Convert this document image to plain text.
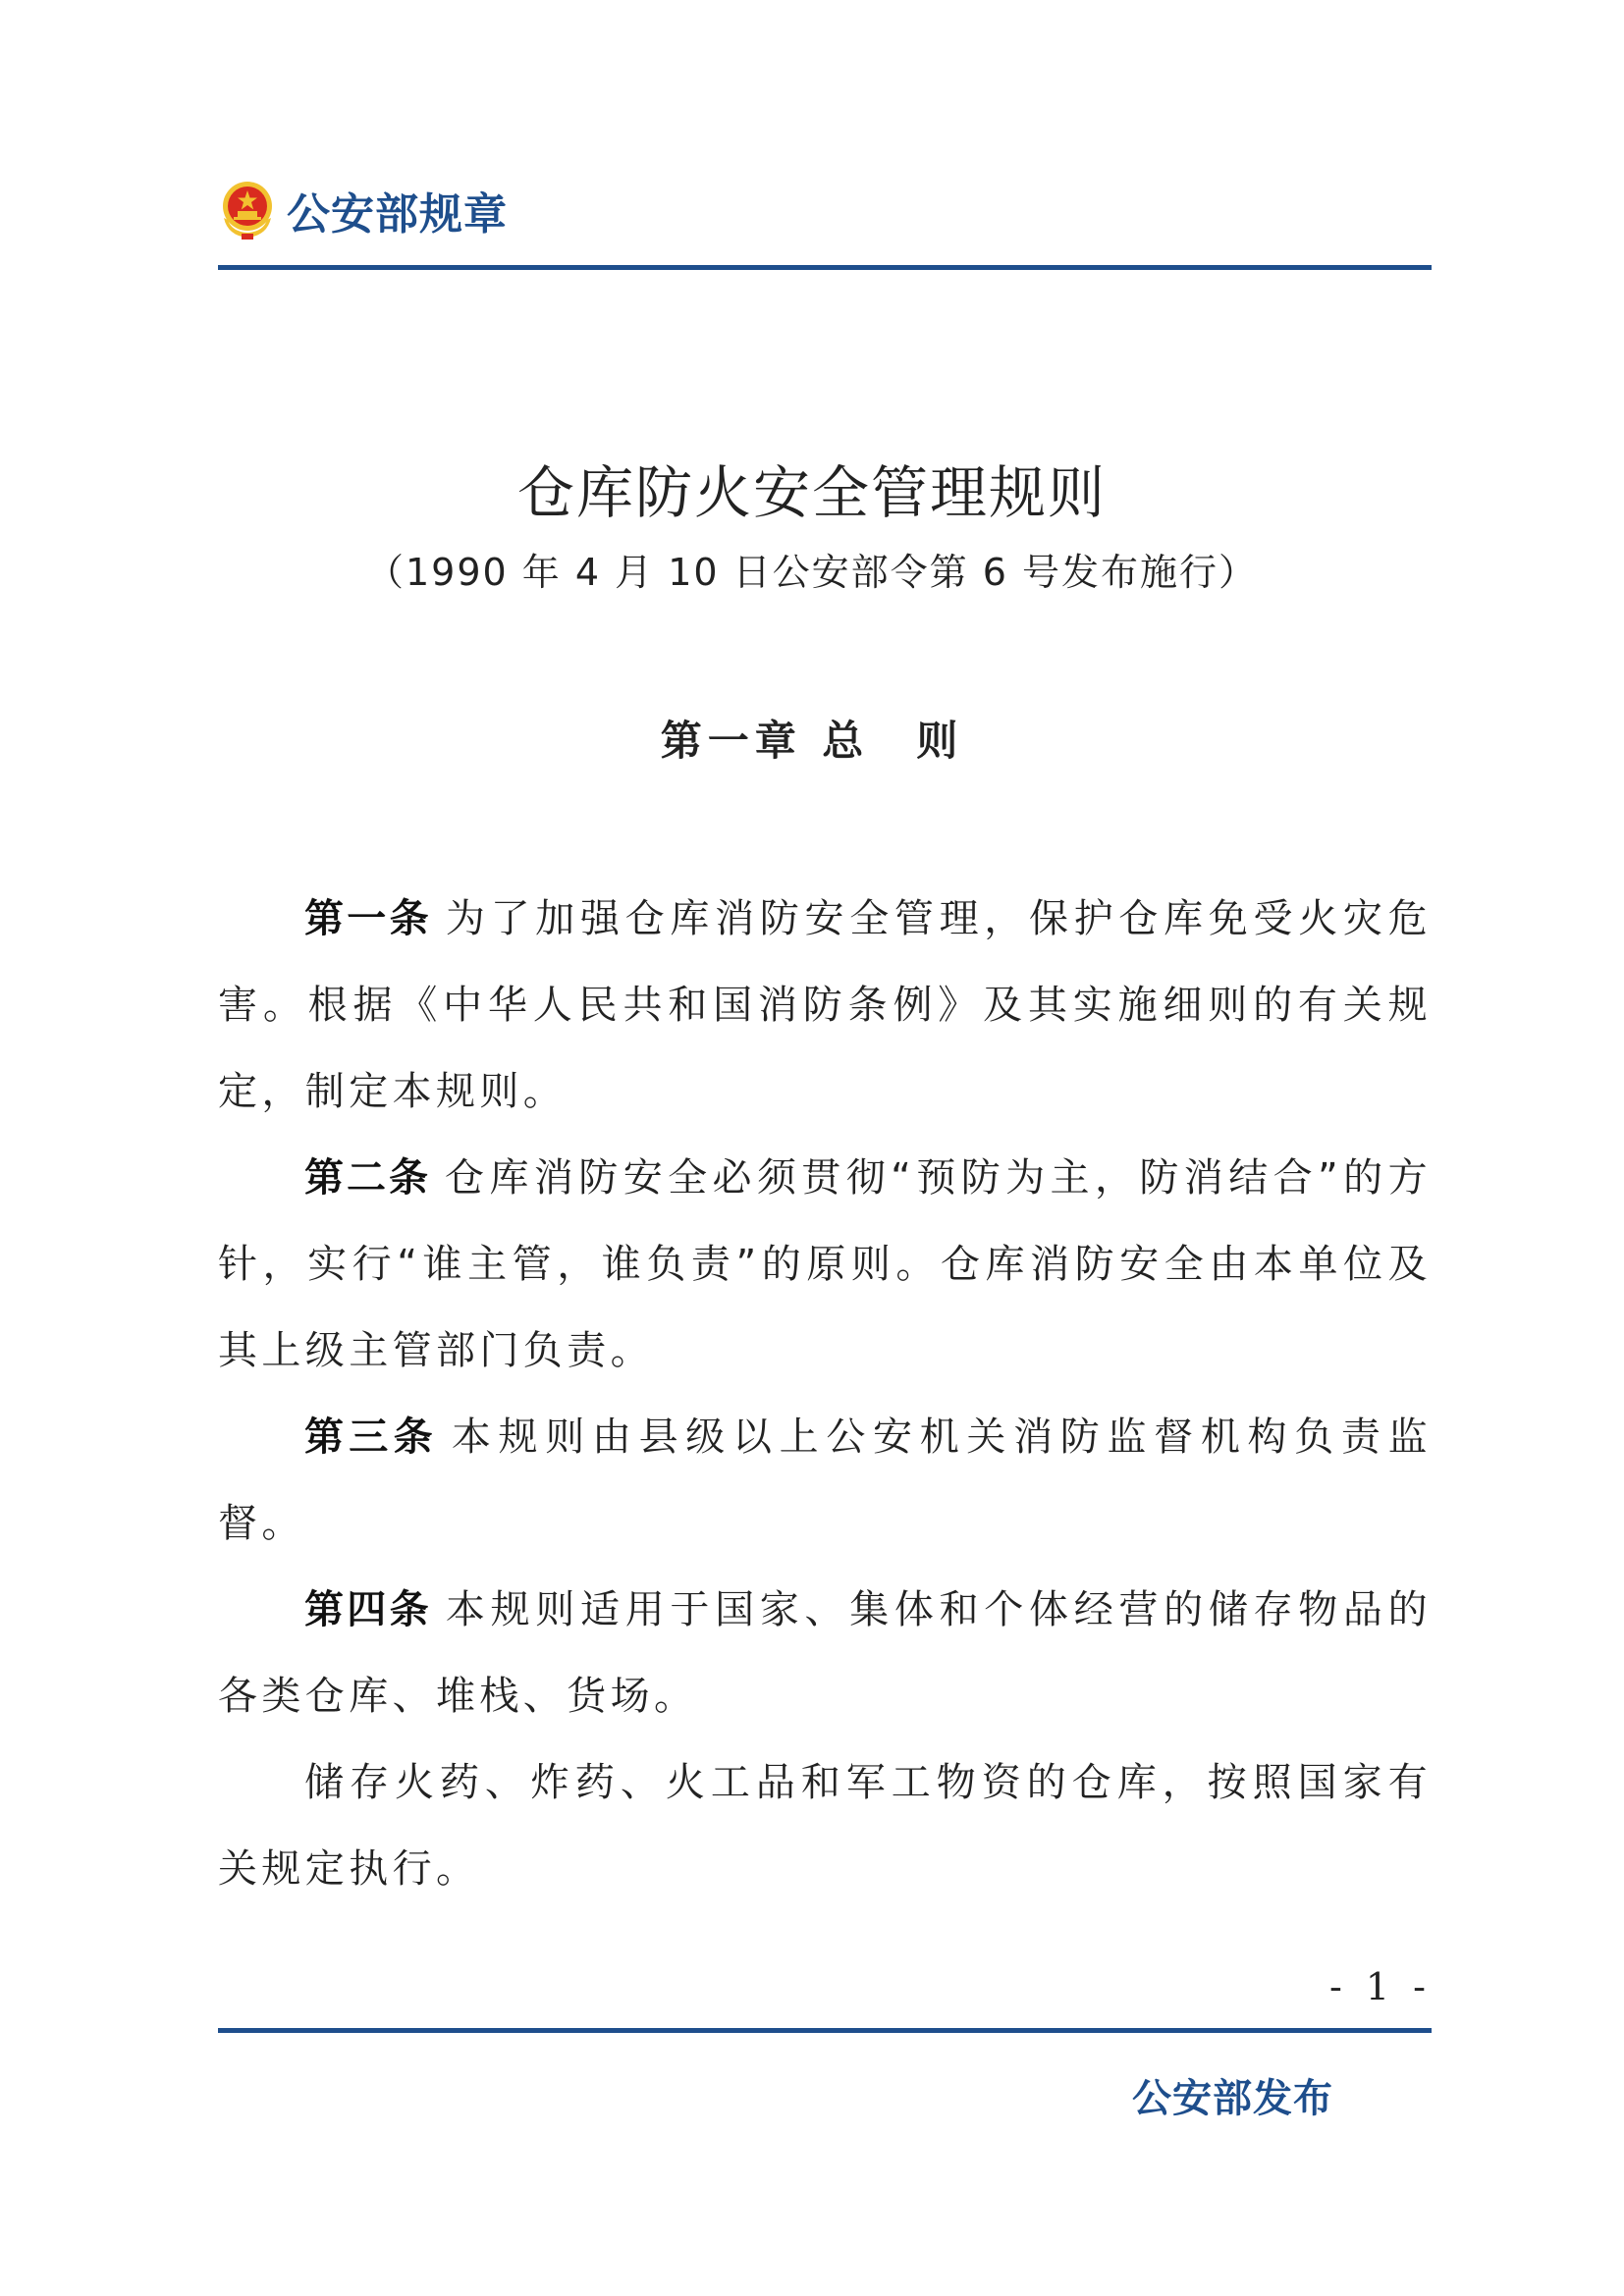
公安部规章
仓库防火安全管理规则
（1990 年 4 月 10 日公安部令第 6 号发布施行）
第一章 总　则

第一条 为了加强仓库消防安全管理，保护仓库免受火灾危害。根据《中华人民共和国消防条例》及其实施细则的有关规定，制定本规则。

第二条 仓库消防安全必须贯彻“预防为主，防消结合”的方针，实行“谁主管，谁负责”的原则。仓库消防安全由本单位及其上级主管部门负责。

第三条 本规则由县级以上公安机关消防监督机构负责监督。

第四条 本规则适用于国家、集体和个体经营的储存物品的各类仓库、堆栈、货场。

储存火药、炸药、火工品和军工物资的仓库，按照国家有关规定执行。

- 1 -
公安部发布
